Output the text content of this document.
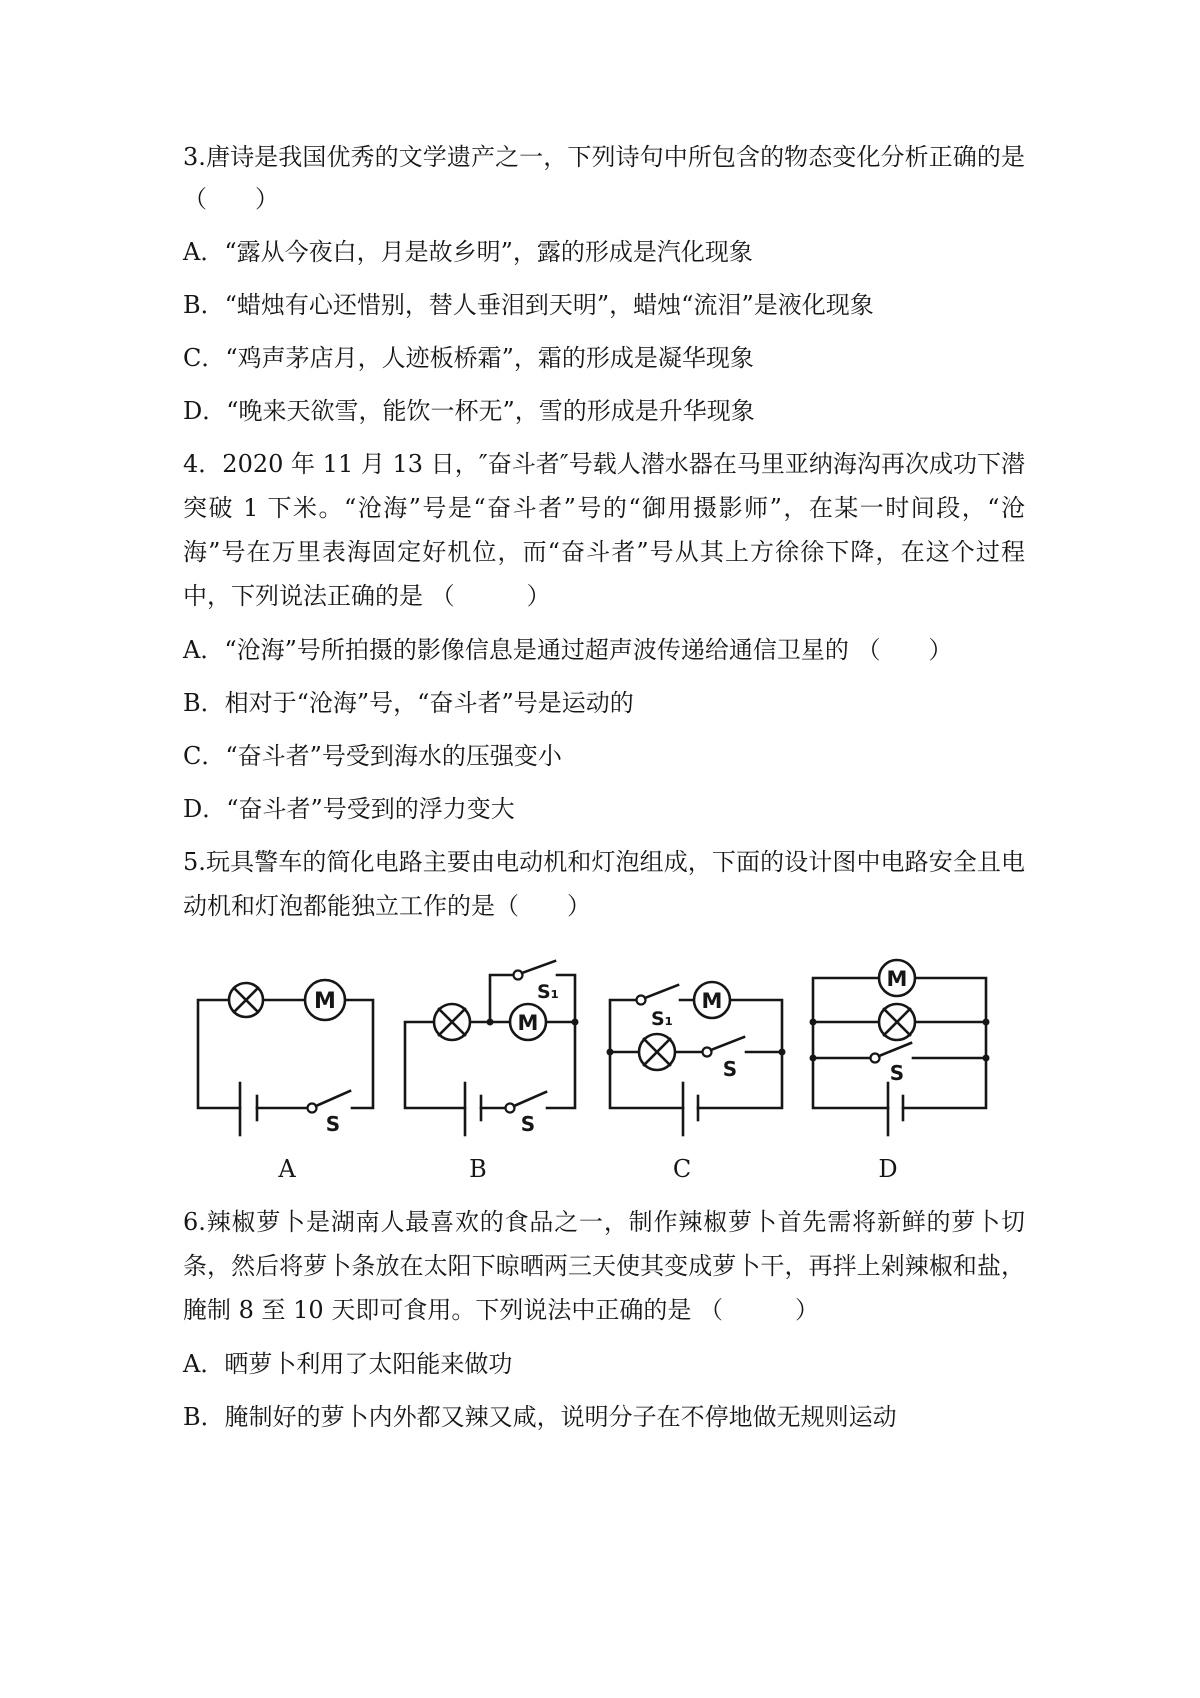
3.唐诗是我国优秀的文学遗产之一，下列诗句中所包含的物态变化分析正确的是
（　　）
A．“露从今夜白，月是故乡明”，露的形成是汽化现象
B．“蜡烛有心还惜别，替人垂泪到天明”，蜡烛“流泪”是液化现象
C．“鸡声茅店月，人迹板桥霜”，霜的形成是凝华现象
D．“晚来天欲雪，能饮一杯无”，雪的形成是升华现象
4．2020 年 11 月 13 日，″奋斗者″号载人潜水器在马里亚纳海沟再次成功下潜
突破 1 下米。“沧海”号是“奋斗者”号的“御用摄影师”，在某一时间段，“沧
海”号在万里表海固定好机位，而“奋斗者”号从其上方徐徐下降，在这个过程
中，下列说法正确的是 （　　　）
A．“沧海”号所拍摄的影像信息是通过超声波传递给通信卫星的 （　　）
B．相对于“沧海”号，“奋斗者”号是运动的
C．“奋斗者”号受到海水的压强变小
D．“奋斗者”号受到的浮力变大
5.玩具警车的简化电路主要由电动机和灯泡组成，下面的设计图中电路安全且电
动机和灯泡都能独立工作的是（　　）
M
S
A
M
S₁
S
B
S₁
M
S
C
M
S
D
6.辣椒萝卜是湖南人最喜欢的食品之一，制作辣椒萝卜首先需将新鲜的萝卜切
条，然后将萝卜条放在太阳下晾晒两三天使其变成萝卜干，再拌上剁辣椒和盐，
腌制 8 至 10 天即可食用。下列说法中正确的是 （　　　）
A．晒萝卜利用了太阳能来做功
B．腌制好的萝卜内外都又辣又咸，说明分子在不停地做无规则运动
